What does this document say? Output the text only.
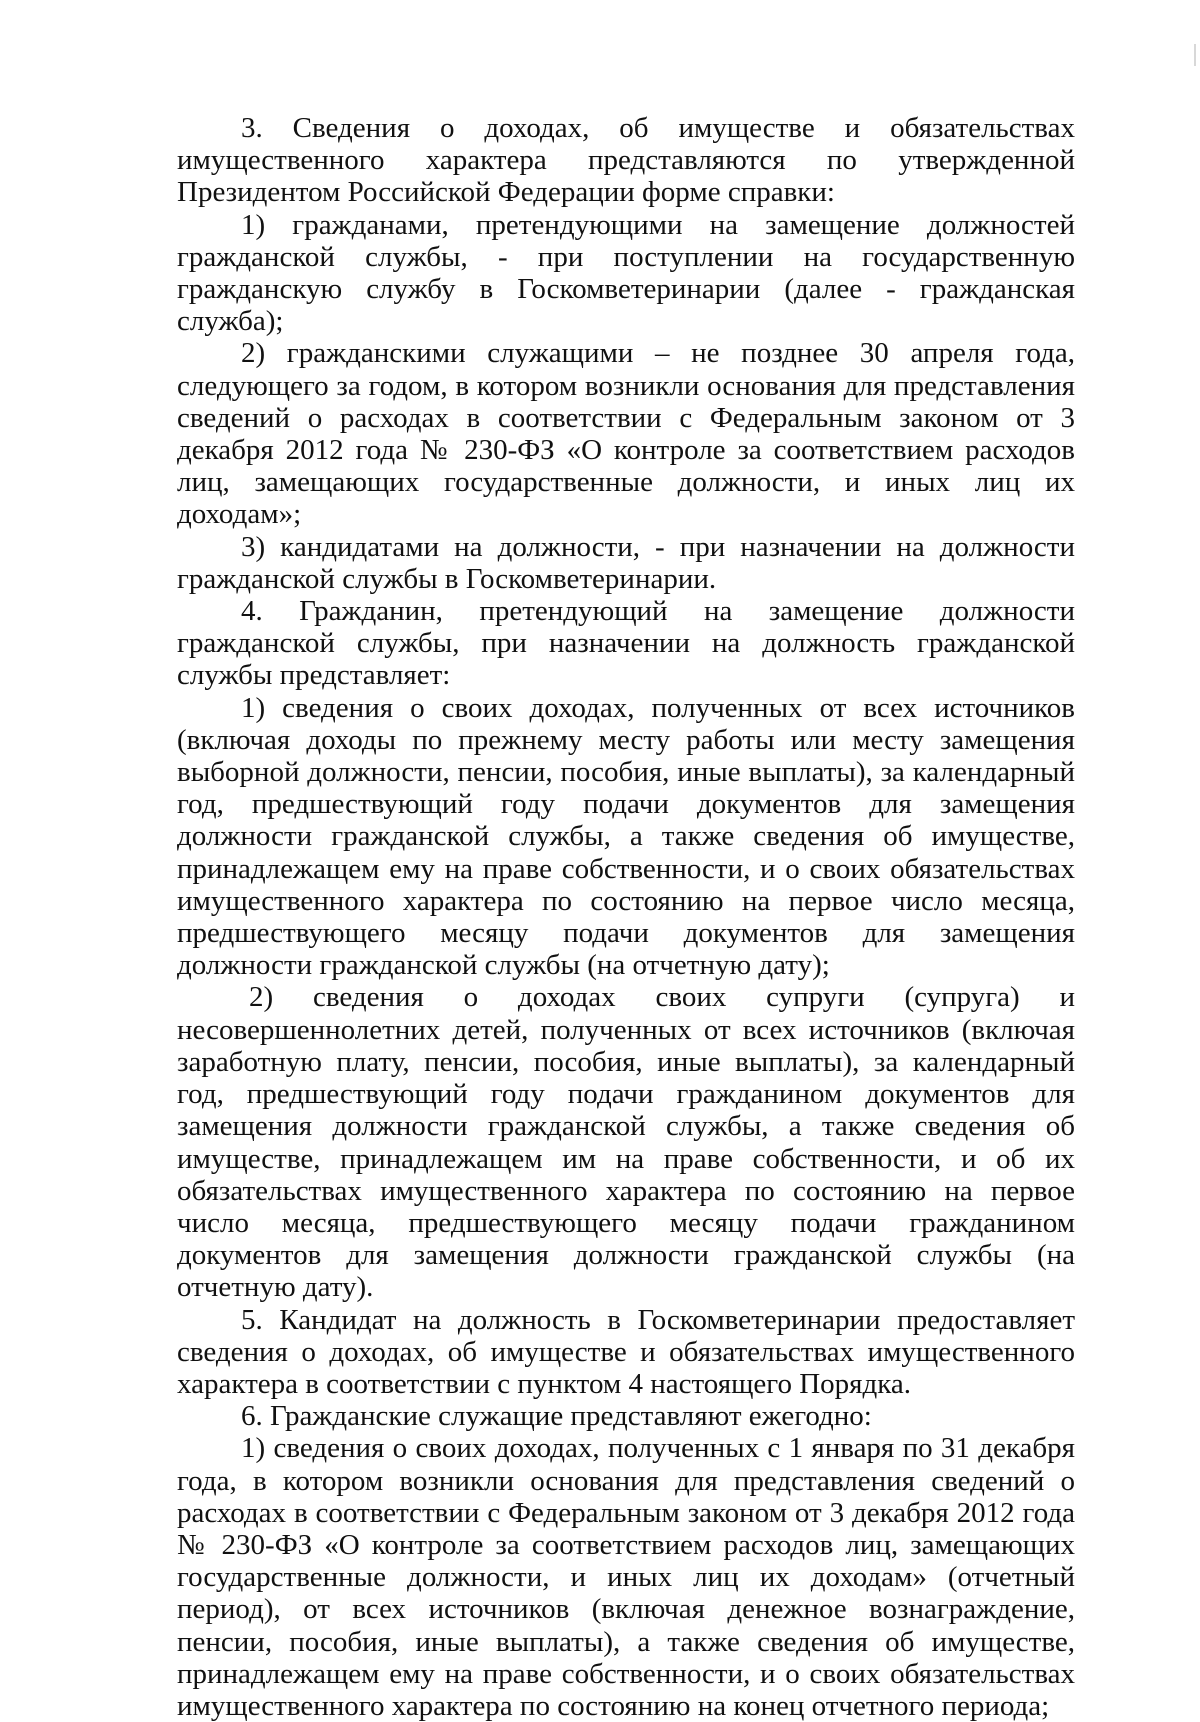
3. Сведения о доходах, об имуществе и обязательствах имущественного характера представляются по утвержденной Президентом Российской Федерации форме справки:

1) гражданами, претендующими на замещение должностей гражданской службы, - при поступлении на государственную гражданскую службу в Госкомветеринарии (далее - гражданская служба);

2) гражданскими служащими – не позднее 30 апреля года, следующего за годом, в котором возникли основания для представления сведений о расходах в соответствии с Федеральным законом от 3 декабря 2012 года № 230-ФЗ «О контроле за соответствием расходов лиц, замещающих государственные должности, и иных лиц их доходам»;

3) кандидатами на должности, - при назначении на должности гражданской службы в Госкомветеринарии.

4. Гражданин, претендующий на замещение должности гражданской службы, при назначении на должность гражданской службы представляет:

1) сведения о своих доходах, полученных от всех источников (включая доходы по прежнему месту работы или месту замещения выборной должности, пенсии, пособия, иные выплаты), за календарный год, предшествующий году подачи документов для замещения должности гражданской службы, а также сведения об имуществе, принадлежащем ему на праве собственности, и о своих обязательствах имущественного характера по состоянию на первое число месяца, предшествующего месяцу подачи документов для замещения должности гражданской службы (на отчетную дату);

2) сведения о доходах своих супруги (супруга) и несовершеннолетних детей, полученных от всех источников (включая заработную плату, пенсии, пособия, иные выплаты), за календарный год, предшествующий году подачи гражданином документов для замещения должности гражданской службы, а также сведения об имуществе, принадлежащем им на праве собственности, и об их обязательствах имущественного характера по состоянию на первое число месяца, предшествующего месяцу подачи гражданином документов для замещения должности гражданской службы (на отчетную дату).

5. Кандидат на должность в Госкомветеринарии предоставляет сведения о доходах, об имуществе и обязательствах имущественного характера в соответствии с пунктом 4 настоящего Порядка.

6. Гражданские служащие представляют ежегодно:

1) сведения о своих доходах, полученных с 1 января по 31 декабря года, в котором возникли основания для представления сведений о расходах в соответствии с Федеральным законом от 3 декабря 2012 года № 230-ФЗ «О контроле за соответствием расходов лиц, замещающих государственные должности, и иных лиц их доходам» (отчетный период), от всех источников (включая денежное вознаграждение, пенсии, пособия, иные выплаты), а также сведения об имуществе, принадлежащем ему на праве собственности, и о своих обязательствах имущественного характера по состоянию на конец отчетного периода;
